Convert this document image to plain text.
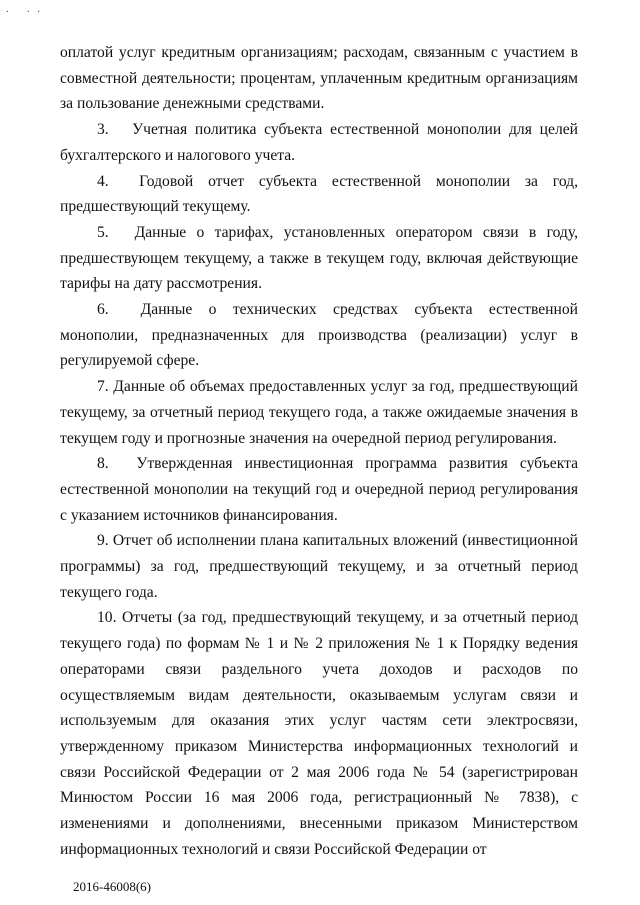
. ..

оплатой услуг кредитным организациям; расходам, связанным с участием в совместной деятельности; процентам, уплаченным кредитным организациям за пользование денежными средствами.

3.  Учетная политика субъекта естественной монополии для целей бухгалтерского и налогового учета.

4.  Годовой отчет субъекта естественной монополии за год, предшествующий текущему.

5.  Данные о тарифах, установленных оператором связи в году, предшествующем текущему, а также в текущем году, включая действующие тарифы на дату рассмотрения.

6.  Данные о технических средствах субъекта естественной монополии, предназначенных для производства (реализации) услуг в регулируемой сфере.

7. Данные об объемах предоставленных услуг за год, предшествующий текущему, за отчетный период текущего года, а также ожидаемые значения в текущем году и прогнозные значения на очередной период регулирования.

8.  Утвержденная инвестиционная программа развития субъекта естественной монополии на текущий год и очередной период регулирования с указанием источников финансирования.

9. Отчет об исполнении плана капитальных вложений (инвестиционной программы) за год, предшествующий текущему, и за отчетный период текущего года.

10. Отчеты (за год, предшествующий текущему, и за отчетный период текущего года) по формам № 1 и № 2 приложения № 1 к Порядку ведения операторами связи раздельного учета доходов и расходов по осуществляемым видам деятельности, оказываемым услугам связи и используемым для оказания этих услуг частям сети электросвязи, утвержденному приказом Министерства информационных технологий и связи Российской Федерации от 2 мая 2006 года № 54 (зарегистрирован Минюстом России 16 мая 2006 года, регистрационный № 7838), с изменениями и дополнениями, внесенными приказом Министерством информационных технологий и связи Российской Федерации от

2016-46008(6)
